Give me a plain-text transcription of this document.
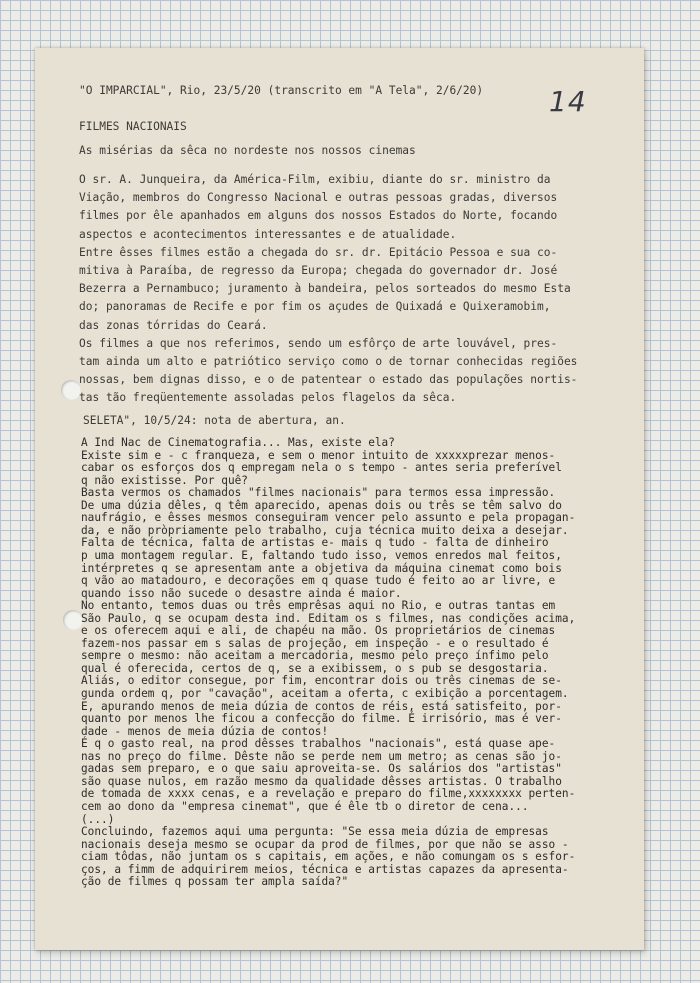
"O IMPARCIAL", Rio, 23/5/20 (transcrito em "A Tela", 2/6/20) 14
FILMES NACIONAIS
As misérias da sêca no nordeste nos nossos cinemas
O sr. A. Junqueira, da América-Film, exibiu, diante do sr. ministro da
Viação, membros do Congresso Nacional e outras pessoas gradas, diversos
filmes por êle apanhados em alguns dos nossos Estados do Norte, focando
aspectos e acontecimentos interessantes e de atualidade.
Entre êsses filmes estão a chegada do sr. dr. Epitácio Pessoa e sua co-
mitiva à Paraíba, de regresso da Europa; chegada do governador dr. José
Bezerra a Pernambuco; juramento à bandeira, pelos sorteados do mesmo Esta
do; panoramas de Recife e por fim os açudes de Quixadá e Quixeramobim,
das zonas tórridas do Ceará.
Os filmes a que nos referimos, sendo um esfôrço de arte louvável, pres-
tam ainda um alto e patriótico serviço como o de tornar conhecidas regiões
nossas, bem dignas disso, e o de patentear o estado das populações nortis-
tas tão freqüentemente assoladas pelos flagelos da sêca.
SELETA", 10/5/24: nota de abertura, an.
A Ind Nac de Cinematografia... Mas, existe ela?
Existe sim e - c franqueza, e sem o menor intuito de xxxxxprezar menos-
cabar os esforços dos q empregam nela o s tempo - antes seria preferível
q não existisse. Por quê?
Basta vermos os chamados "filmes nacionais" para termos essa impressão.
De uma dúzia dêles, q têm aparecido, apenas dois ou três se têm salvo do
naufrágio, e êsses mesmos conseguiram vencer pelo assunto e pela propagan-
da, e não pròpriamente pelo trabalho, cuja técnica muito deixa a desejar.
Falta de técnica, falta de artistas e- mais q tudo - falta de dinheiro
p uma montagem regular. E, faltando tudo isso, vemos enredos mal feitos,
intérpretes q se apresentam ante a objetiva da máquina cinemat como bois
q vão ao matadouro, e decorações em q quase tudo é feito ao ar livre, e
quando isso não sucede o desastre ainda é maior.
No entanto, temos duas ou três emprêsas aqui no Rio, e outras tantas em
São Paulo, q se ocupam desta ind. Editam os s filmes, nas condições acima,
e os oferecem aqui e ali, de chapéu na mão. Os proprietários de cinemas
fazem-nos passar em s salas de projeção, em inspeção - e o resultado é
sempre o mesmo: não aceitam a mercadoria, mesmo pelo preço ínfimo pelo
qual é oferecida, certos de q, se a exibissem, o s pub se desgostaria.
Aliás, o editor consegue, por fim, encontrar dois ou três cinemas de se-
gunda ordem q, por "cavação", aceitam a oferta, c exibição a porcentagem.
E, apurando menos de meia dúzia de contos de réis, está satisfeito, por-
quanto por menos lhe ficou a confecção do filme. É irrisório, mas é ver-
dade - menos de meia dúzia de contos!
É q o gasto real, na prod dêsses trabalhos "nacionais", está quase ape-
nas no preço do filme. Dêste não se perde nem um metro; as cenas são jo-
gadas sem preparo, e o que saiu aproveita-se. Os salários dos "artistas"
são quase nulos, em razão mesmo da qualidade dêsses artistas. O trabalho
de tomada de xxxx cenas, e a revelação e preparo do filme,xxxxxxxx perten-
cem ao dono da "empresa cinemat", que é êle tb o diretor de cena...
(...)
Concluindo, fazemos aqui uma pergunta: "Se essa meia dúzia de empresas
nacionais deseja mesmo se ocupar da prod de filmes, por que não se asso -
ciam tôdas, não juntam os s capitais, em ações, e não comungam os s esfor-
ços, a fimm de adquirirem meios, técnica e artistas capazes da apresenta-
ção de filmes q possam ter ampla saída?"
